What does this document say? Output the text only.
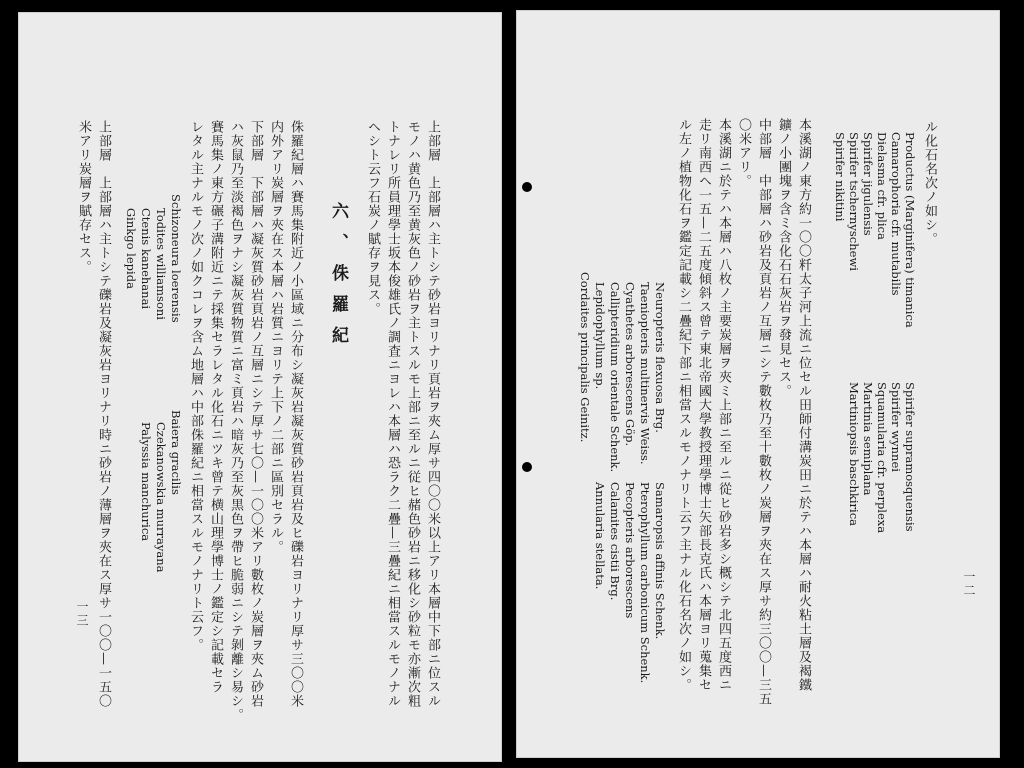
上部層　上部層ハ主トシテ砂岩ヨリナリ頁岩ヲ夾ム厚サ四〇〇米以上アリ本層中下部ニ位スル
モノハ黄色乃至黄灰色ノ砂岩ヲ主トスルモ上部ニ至ルニ従ヒ赭色砂岩ニ移化シ砂粒モ亦漸次粗
トナレリ所員理學士坂本俊雄氏ノ調査ニヨレハ本層ハ恐ラク二疊—三疊紀ニ相當スルモノナル
ヘシト云フ石炭ノ賦存ヲ見ス。
六、侏羅紀
侏羅紀層ハ賽馬集附近ノ小區域ニ分布シ凝灰岩凝灰質砂岩頁岩及ヒ礫岩ヨリナリ厚サ三〇〇米
内外アリ炭層ヲ夾在ス本層ハ岩質ニヨリテ上下ノ二部ニ區別セラル。
下部層　下部層ハ凝灰質砂岩頁岩ノ互層ニシテ厚サ七〇—一〇〇米アリ數枚ノ炭層ヲ夾ム砂岩
ハ灰鼠乃至淡褐色ヲナシ凝灰質物質ニ富ミ頁岩ハ暗灰乃至灰黒色ヲ帶ヒ脆弱ニシテ剝離シ易シ。
賽馬集ノ東方碾子溝附近ニテ採集セラレタル化石ニツキ曾テ横山理學博士ノ鑑定シ記載セラ
レタル主ナルモノ次ノ如クコレヲ含ム地層ハ中部侏羅紀ニ相當スルモノナリト云フ。
Schizoneura loerensis
Todites williamsoni
Ctenis kanehanai
Ginkgo lepida
Baiera gracilis
Czekanowskia murrayana
Palyssia manchurica
上部層　上部層ハ主トシテ礫岩及凝灰岩ヨリナリ時ニ砂岩ノ薄層ヲ夾在ス厚サ一〇〇—一五〇
米アリ炭層ヲ賦存セス。
一三
ル化石名次ノ如シ。
Productus (Marginifera) timanica
Camarophoria cfr. mutabilis
Dielasma cfr. plica
Spirifer jigulensis
Spirifer tschernyschewi
Spirifer nikitini
Spirifer supramosquensis
Spirifer wynnei
Squamularia cfr. perplexa
Martinia semiplana
Martiniopsis baschkirica
本溪湖ノ東方約一〇〇粁太子河上流ニ位セル田師付溝炭田ニ於テハ本層ハ耐火粘土層及褐鐵
鑛ノ小團塊ヲ含ミ含化石石灰岩ヲ發見セス。
中部層　中部層ハ砂岩及頁岩ノ互層ニシテ數枚乃至十數枚ノ炭層ヲ夾在ス厚サ約三〇〇—三五
〇米アリ。
本溪湖ニ於テハ本層ハ八枚ノ主要炭層ヲ夾ミ上部ニ至ルニ從ヒ砂岩多シ概シテ北四五度西ニ
走リ南西ヘ一五—二五度傾斜ス曾テ東北帝國大學教授理學博士矢部長克氏ハ本層ヨリ蒐集セ
ル左ノ植物化石ヲ鑑定記載シ二疊紀下部ニ相當スルモノナリト云フ主ナル化石名次ノ如シ。
Neuropteris flexuosa Brg.
Taeniopteris multinervis Weiss.
Cyathetes arborescens Gӧp.
Callipteridium orientale Schenk.
Lepidophyllum sp.
Cordaites principalis Geinitz.
Samaropsis affinis Schenk.
Pterophyllum carbonicum Schenk.
Pecopteris arborescens
Calamites cistii Brg.
Annularia stellata.	一二
